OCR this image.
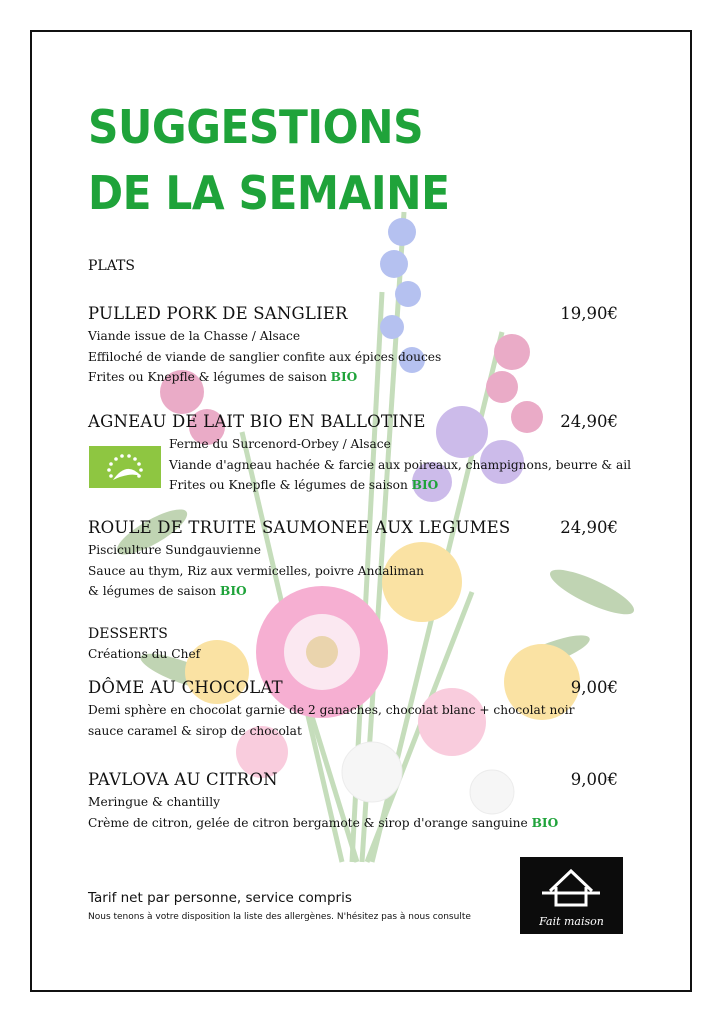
SUGGESTIONS
DE LA SEMAINE
PLATS
PULLED PORK DE SANGLIER	19,90€
Viande issue de la Chasse / Alsace
Effiloché de viande de sanglier confite aux épices douces
Frites ou Knepfle & légumes de saison BIO
AGNEAU DE LAIT BIO EN BALLOTINE	24,90€
Ferme du Surcenord-Orbey / Alsace
Viande d'agneau hachée & farcie aux poireaux, champignons, beurre & ail
Frites ou Knepfle & légumes de saison BIO
ROULE DE TRUITE SAUMONEE AUX LEGUMES	24,90€
Pisciculture Sundgauvienne
Sauce au thym, Riz aux vermicelles, poivre Andaliman
& légumes de saison BIO
DESSERTS
Créations du Chef
DÔME AU CHOCOLAT	9,00€
Demi sphère en chocolat garnie de 2 ganaches, chocolat blanc + chocolat noir
sauce caramel & sirop de chocolat
PAVLOVA AU CITRON	9,00€
Meringue & chantilly
Crème de citron, gelée de citron bergamote & sirop d'orange sanguine BIO
Tarif net par personne, service compris
Nous tenons à votre disposition la liste des allergènes. N'hésitez pas à nous consulte	Fait maison
